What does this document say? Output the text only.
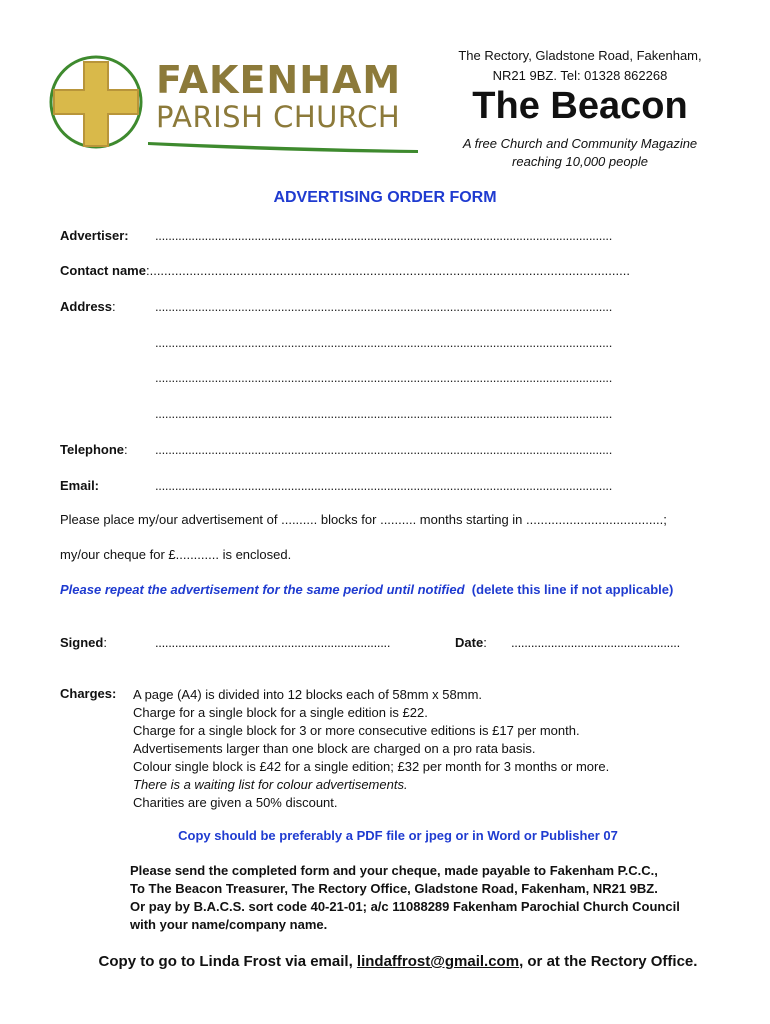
FAKENHAM
PARISH CHURCH
The Rectory, Gladstone Road, Fakenham,
NR21 9BZ. Tel: 01328 862268
The Beacon
A free Church and Community Magazine
reaching 10,000 people
ADVERTISING ORDER FORM
Advertiser: ..........................................................................................................................................
Contact name:.....................................................................................................................................
Address:	..........................................................................................................................................
..........................................................................................................................................
..........................................................................................................................................
..........................................................................................................................................
Telephone: ..........................................................................................................................................
Email:	..........................................................................................................................................
Please place my/our advertisement of .......... blocks for .......... months starting in ......................................;
my/our cheque for £............ is enclosed.
Please repeat the advertisement for the same period until notified (delete this line if not applicable)
Signed:	.......................................................................	Date: ...................................................
Charges: A page (A4) is divided into 12 blocks each of 58mm x 58mm.
Charge for a single block for a single edition is £22.
Charge for a single block for 3 or more consecutive editions is £17 per month.
Advertisements larger than one block are charged on a pro rata basis.
Colour single block is £42 for a single edition; £32 per month for 3 months or more.
There is a waiting list for colour advertisements.
Charities are given a 50% discount.
Copy should be preferably a PDF file or jpeg or in Word or Publisher 07
Please send the completed form and your cheque, made payable to Fakenham P.C.C.,
To The Beacon Treasurer, The Rectory Office, Gladstone Road, Fakenham, NR21 9BZ.
Or pay by B.A.C.S. sort code 40-21-01; a/c 11088289 Fakenham Parochial Church Council
with your name/company name.
Copy to go to Linda Frost via email, lindaffrost@gmail.com, or at the Rectory Office.
